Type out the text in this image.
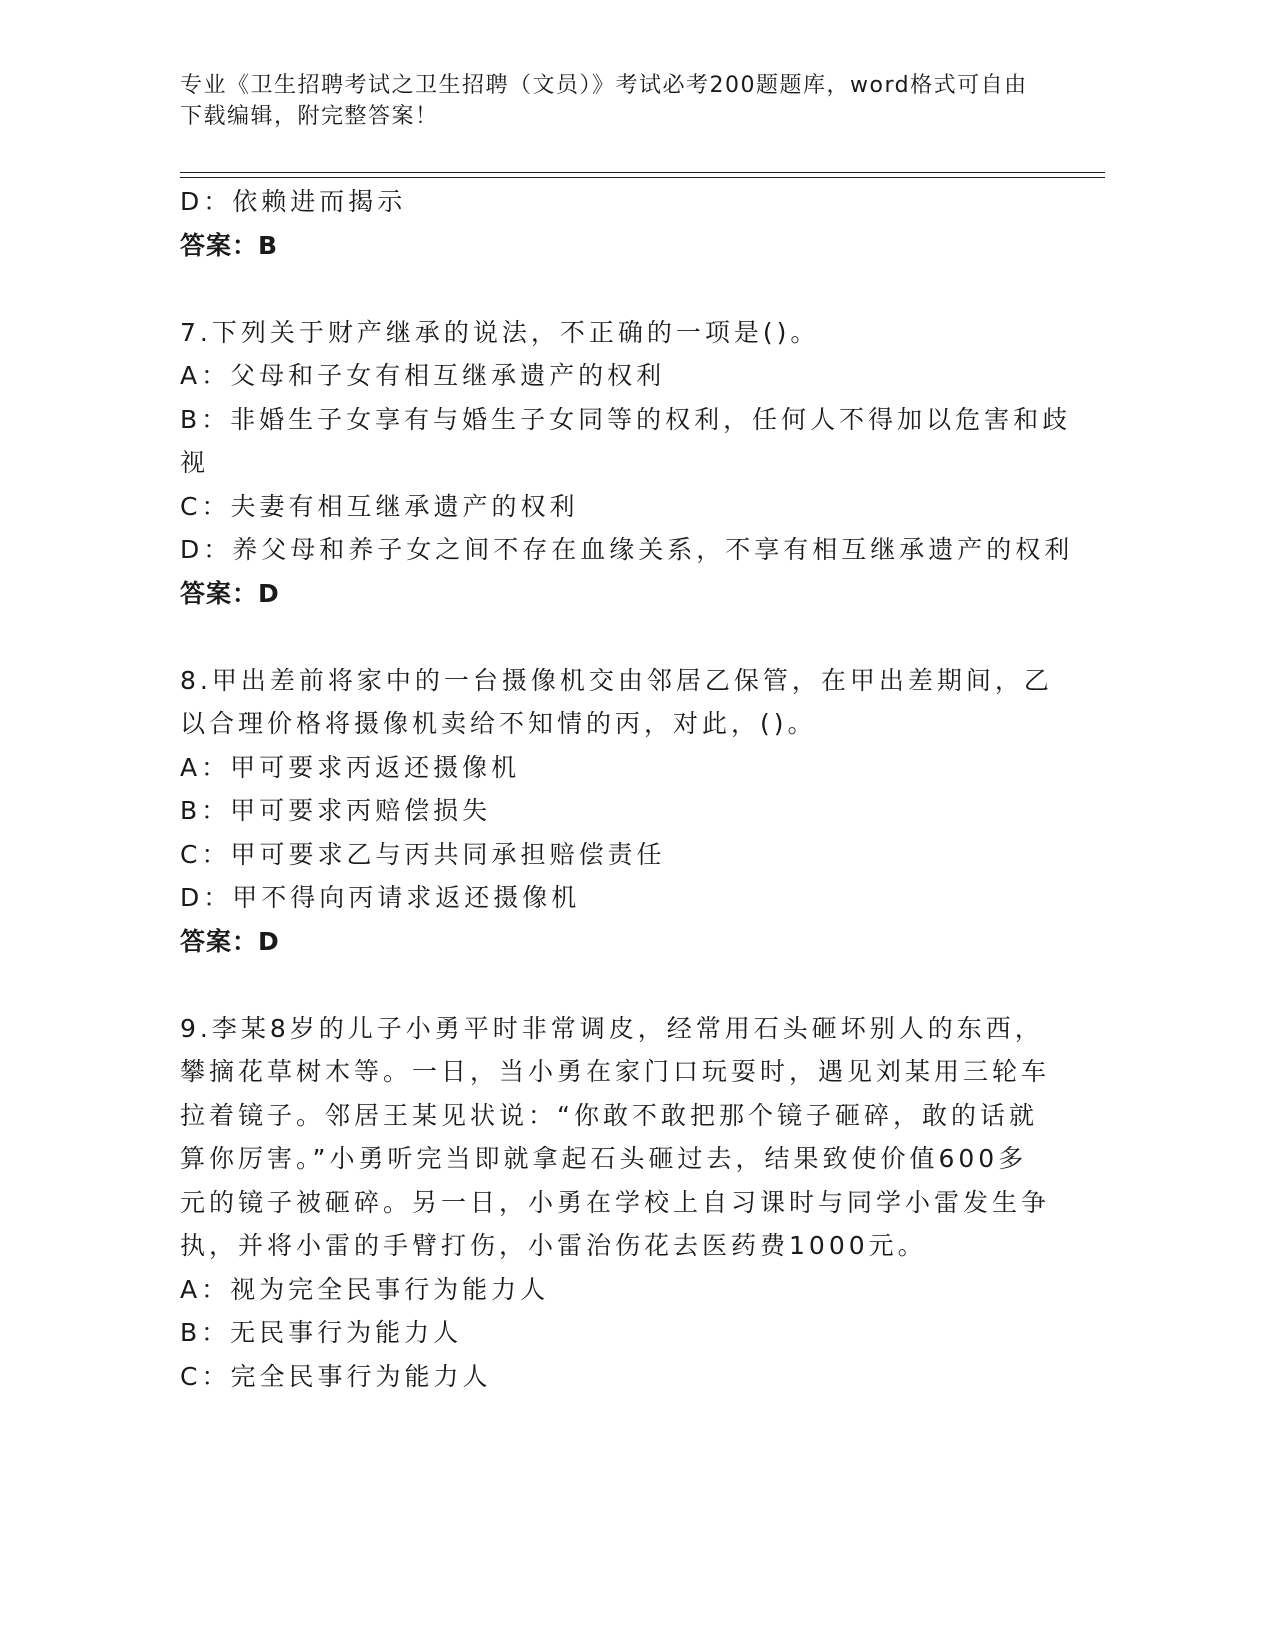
专业《卫生招聘考试之卫生招聘（文员）》考试必考200题题库，word格式可自由下载编辑，附完整答案！
D：依赖进而揭示
答案：B
7.下列关于财产继承的说法，不正确的一项是()。
A：父母和子女有相互继承遗产的权利
B：非婚生子女享有与婚生子女同等的权利，任何人不得加以危害和歧
视
C：夫妻有相互继承遗产的权利
D：养父母和养子女之间不存在血缘关系，不享有相互继承遗产的权利
答案：D
8.甲出差前将家中的一台摄像机交由邻居乙保管，在甲出差期间，乙
以合理价格将摄像机卖给不知情的丙，对此，()。
A：甲可要求丙返还摄像机
B：甲可要求丙赔偿损失
C：甲可要求乙与丙共同承担赔偿责任
D：甲不得向丙请求返还摄像机
答案：D
9.李某8岁的儿子小勇平时非常调皮，经常用石头砸坏别人的东西，
攀摘花草树木等。一日，当小勇在家门口玩耍时，遇见刘某用三轮车
拉着镜子。邻居王某见状说：“你敢不敢把那个镜子砸碎，敢的话就
算你厉害。”小勇听完当即就拿起石头砸过去，结果致使价值600多
元的镜子被砸碎。另一日，小勇在学校上自习课时与同学小雷发生争
执，并将小雷的手臂打伤，小雷治伤花去医药费1000元。
A：视为完全民事行为能力人
B：无民事行为能力人
C：完全民事行为能力人
